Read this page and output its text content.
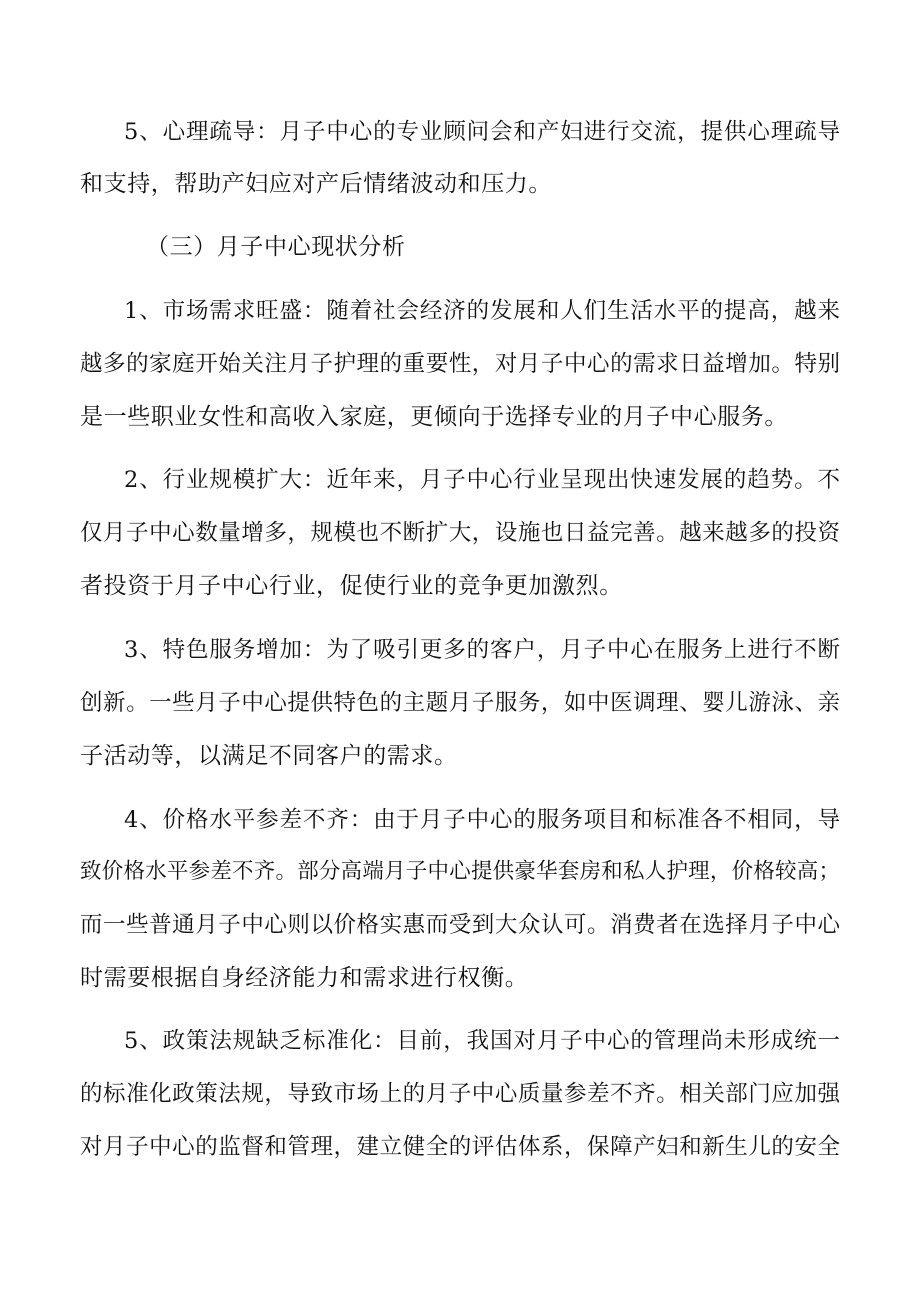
5、心理疏导：月子中心的专业顾问会和产妇进行交流，提供心理疏导
和支持，帮助产妇应对产后情绪波动和压力。
（三）月子中心现状分析
1、市场需求旺盛：随着社会经济的发展和人们生活水平的提高，越来
越多的家庭开始关注月子护理的重要性，对月子中心的需求日益增加。特别
是一些职业女性和高收入家庭，更倾向于选择专业的月子中心服务。
2、行业规模扩大：近年来，月子中心行业呈现出快速发展的趋势。不
仅月子中心数量增多，规模也不断扩大，设施也日益完善。越来越多的投资
者投资于月子中心行业，促使行业的竞争更加激烈。
3、特色服务增加：为了吸引更多的客户，月子中心在服务上进行不断
创新。一些月子中心提供特色的主题月子服务，如中医调理、婴儿游泳、亲
子活动等，以满足不同客户的需求。
4、价格水平参差不齐：由于月子中心的服务项目和标准各不相同，导
致价格水平参差不齐。部分高端月子中心提供豪华套房和私人护理，价格较高；
而一些普通月子中心则以价格实惠而受到大众认可。消费者在选择月子中心
时需要根据自身经济能力和需求进行权衡。
5、政策法规缺乏标准化：目前，我国对月子中心的管理尚未形成统一
的标准化政策法规，导致市场上的月子中心质量参差不齐。相关部门应加强
对月子中心的监督和管理，建立健全的评估体系，保障产妇和新生儿的安全
